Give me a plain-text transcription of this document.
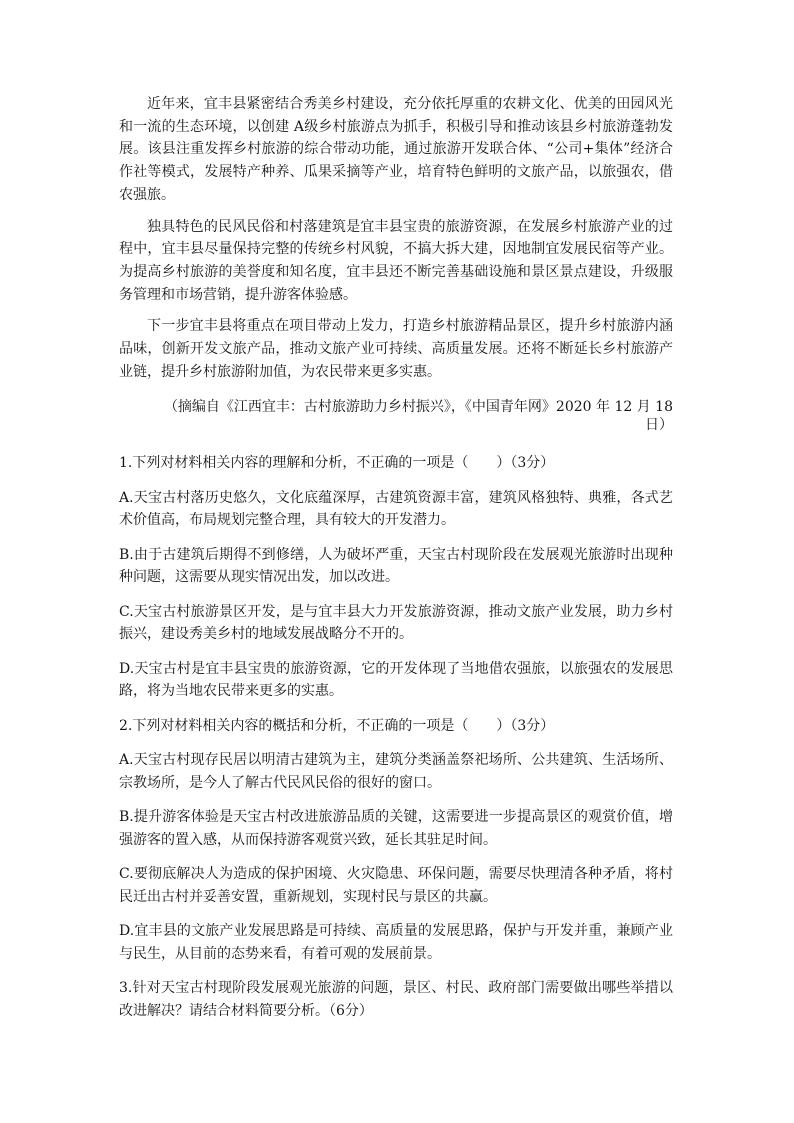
近年来，宜丰县紧密结合秀美乡村建设，充分依托厚重的农耕文化、优美的田园风光
和一流的生态环境，以创建 A级乡村旅游点为抓手，积极引导和推动该县乡村旅游蓬勃发
展。该县注重发挥乡村旅游的综合带动功能，通过旅游开发联合体、“公司+集体”经济合
作社等模式，发展特产种养、瓜果采摘等产业，培育特色鲜明的文旅产品，以旅强农，借
农强旅。
独具特色的民风民俗和村落建筑是宜丰县宝贵的旅游资源，在发展乡村旅游产业的过
程中，宜丰县尽量保持完整的传统乡村风貌，不搞大拆大建，因地制宜发展民宿等产业。
为提高乡村旅游的美誉度和知名度，宜丰县还不断完善基础设施和景区景点建设，升级服
务管理和市场营销，提升游客体验感。
下一步宜丰县将重点在项目带动上发力，打造乡村旅游精品景区，提升乡村旅游内涵
品味，创新开发文旅产品，推动文旅产业可持续、高质量发展。还将不断延长乡村旅游产
业链，提升乡村旅游附加值，为农民带来更多实惠。
（摘编自《江西宜丰：古村旅游助力乡村振兴》，《中国青年网》2020 年 12 月 18
日）
1.下列对材料相关内容的理解和分析，不正确的一项是（　　）（3分）
A.天宝古村落历史悠久，文化底蕴深厚，古建筑资源丰富，建筑风格独特、典雅，各式艺
术价值高，布局规划完整合理，具有较大的开发潜力。
B.由于古建筑后期得不到修缮，人为破坏严重，天宝古村现阶段在发展观光旅游时出现种
种问题，这需要从现实情况出发，加以改进。
C.天宝古村旅游景区开发，是与宜丰县大力开发旅游资源，推动文旅产业发展，助力乡村
振兴，建设秀美乡村的地域发展战略分不开的。
D.天宝古村是宜丰县宝贵的旅游资源，它的开发体现了当地借农强旅，以旅强农的发展思
路，将为当地农民带来更多的实惠。
2.下列对材料相关内容的概括和分析，不正确的一项是（　　）（3分）
A.天宝古村现存民居以明清古建筑为主，建筑分类涵盖祭祀场所、公共建筑、生活场所、
宗教场所，是今人了解古代民风民俗的很好的窗口。
B.提升游客体验是天宝古村改进旅游品质的关键，这需要进一步提高景区的观赏价值，增
强游客的置入感，从而保持游客观赏兴致，延长其驻足时间。
C.要彻底解决人为造成的保护困境、火灾隐患、环保问题，需要尽快理清各种矛盾，将村
民迁出古村并妥善安置，重新规划，实现村民与景区的共赢。
D.宜丰县的文旅产业发展思路是可持续、高质量的发展思路，保护与开发并重，兼顾产业
与民生，从目前的态势来看，有着可观的发展前景。
3.针对天宝古村现阶段发展观光旅游的问题，景区、村民、政府部门需要做出哪些举措以
改进解决？请结合材料简要分析。（6分）
